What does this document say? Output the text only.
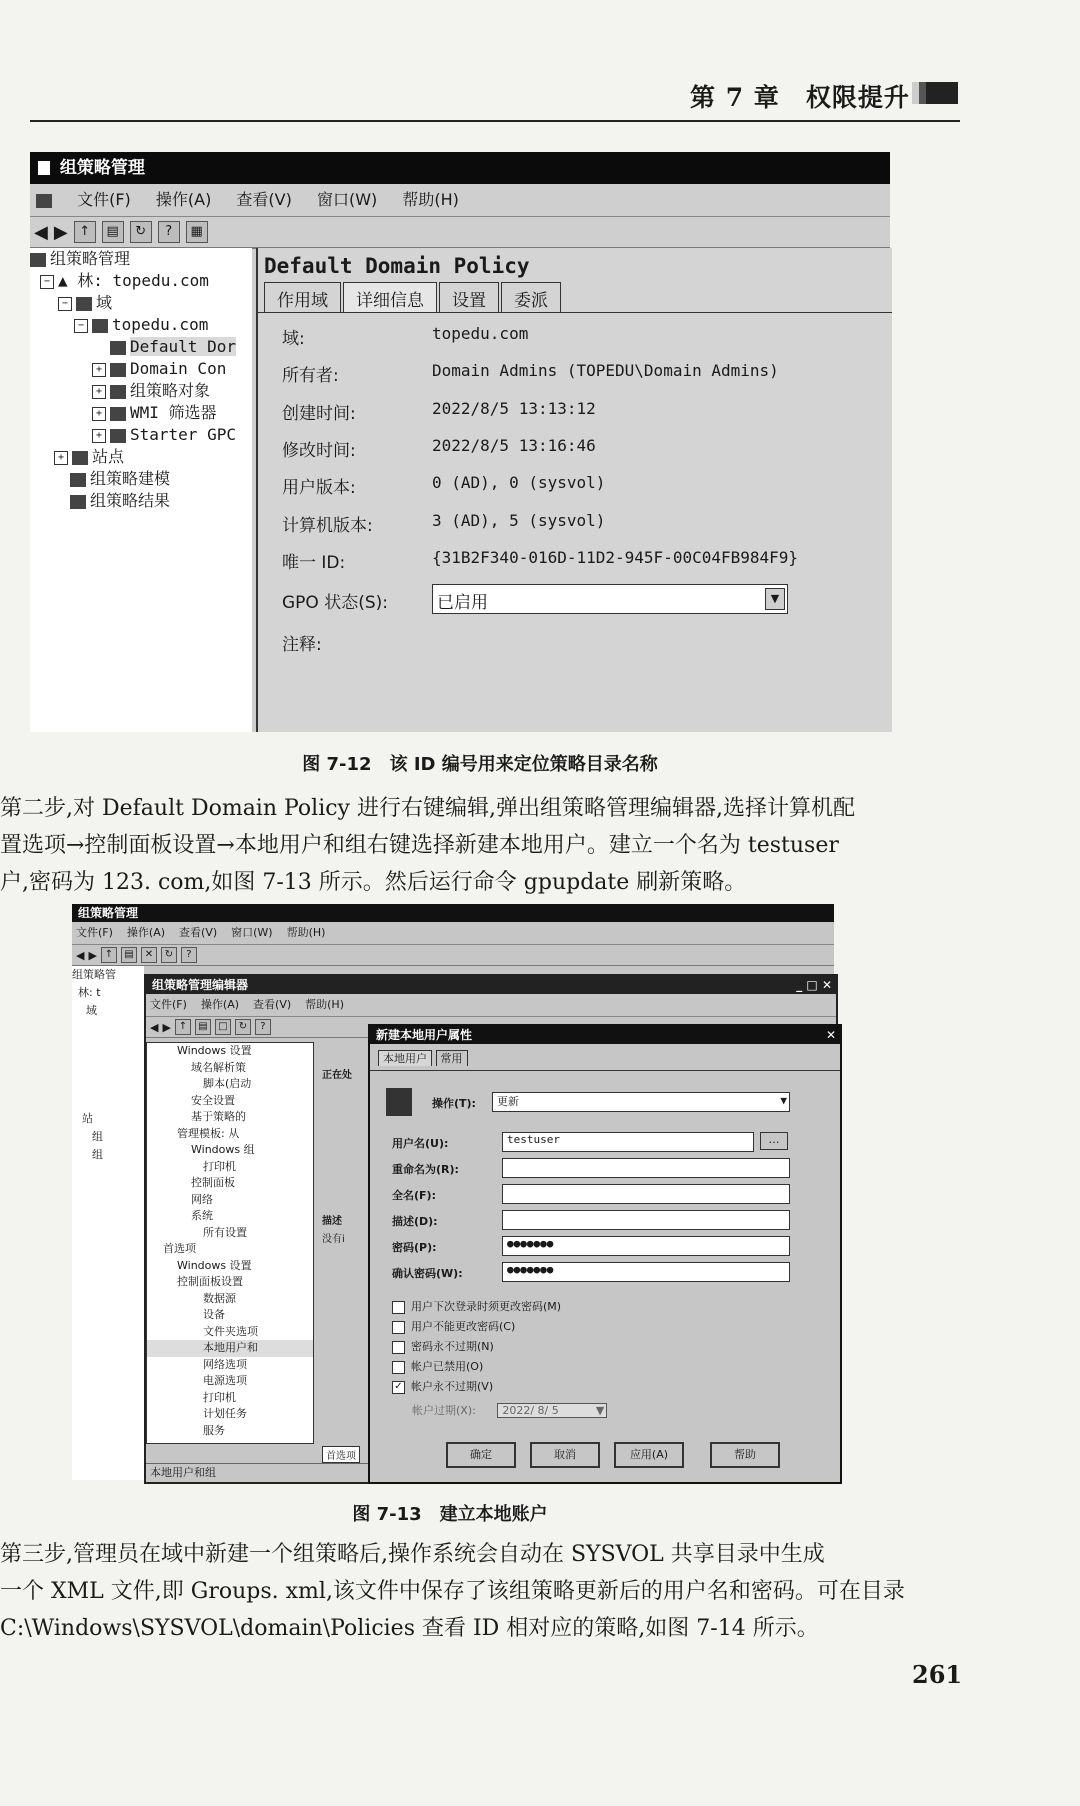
第 7 章　 权限提升
组策略管理
文件(F) 操作(A) 查看(V) 窗口(W) 帮助(H)
◀ ▶ ↑	▤	↻	?	▦
组策略管理
− ▲ 林: topedu.com
− 域
− topedu.com
Default Dor
+ Domain Con
+ 组策略对象
+ WMI 筛选器
+ Starter GPC
+ 站点
组策略建模
组策略结果
Default Domain Policy
作用域	详细信息	设置	委派
域:	topedu.com
所有者:	Domain Admins (TOPEDU\Domain Admins)
创建时间:	2022/8/5 13:13:12
修改时间:	2022/8/5 13:16:46
用户版本:	0 (AD), 0 (sysvol)
计算机版本:	3 (AD), 5 (sysvol)
唯一 ID:	{31B2F340-016D-11D2-945F-00C04FB984F9}
GPO 状态(S):	已启用	▼
注释:
图 7-12　该 ID 编号用来定位策略目录名称

第二步,对 Default Domain Policy 进行右键编辑,弹出组策略管理编辑器,选择计算机配

置选项→控制面板设置→本地用户和组右键选择新建本地用户。建立一个名为 testuser

户,密码为 123. com,如图 7-13 所示。然后运行命令 gpupdate 刷新策略。

组策略管理
文件(F) 操作(A) 查看(V) 窗口(W) 帮助(H)
◀ ▶ ↑	▤	✕	↻	?
组策略管
林: t
域
站
组
组
组策略管理编辑器	_ □ ✕
文件(F) 操作(A) 查看(V) 帮助(H)
◀ ▶ ↑	▤	□	↻	?
Windows 设置
域名解析策
脚本(启动
安全设置
基于策略的
管理模板: 从
Windows 组
打印机
控制面板
网络
系统
所有设置
首选项
Windows 设置
控制面板设置
数据源
设备
文件夹选项
本地用户和
网络选项
电源选项
打印机
计划任务
服务
正在处
描述
没有i
首选项
本地用户和组
新建本地用户属性	✕
本地用户 常用
操作(T):	更新	▼
用户名(U):	testuser	…
重命名为(R):
全名(F):
描述(D):
密码(P):	●●●●●●●
确认密码(W):	●●●●●●●
用户下次登录时须更改密码(M)
用户不能更改密码(C)
密码永不过期(N)
帐户已禁用(O)
✓ 帐户永不过期(V)
帐户过期(X): 2022/ 8/ 5	▼
确定	取消	应用(A)	帮助
图 7-13　建立本地账户

第三步,管理员在域中新建一个组策略后,操作系统会自动在 SYSVOL 共享目录中生成

一个 XML 文件,即 Groups. xml,该文件中保存了该组策略更新后的用户名和密码。可在目录

C:\Windows\SYSVOL\domain\Policies 查看 ID 相对应的策略,如图 7-14 所示。

261
